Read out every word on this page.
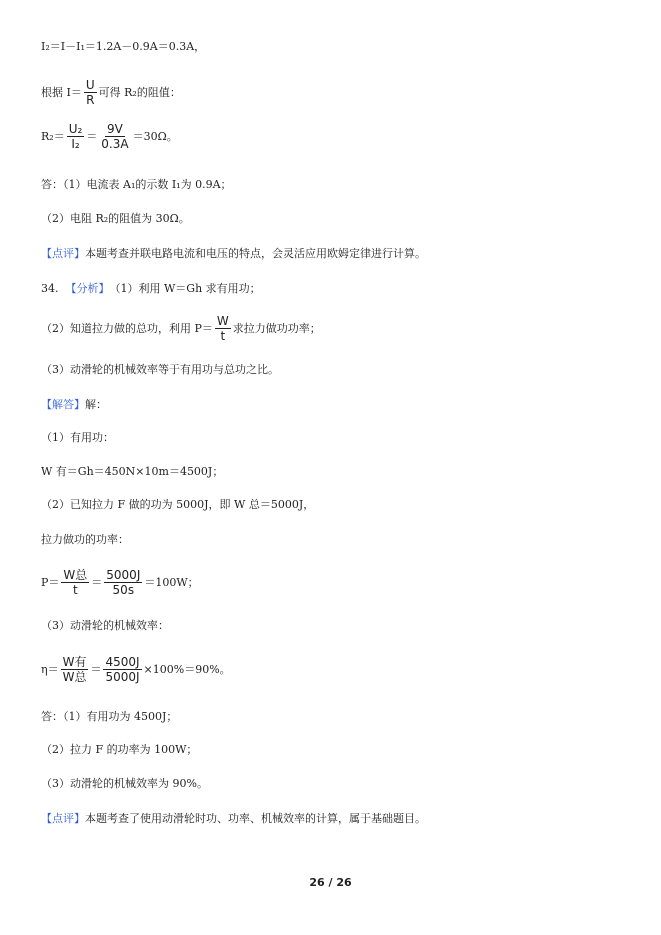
I₂＝I－I₁＝1.2A－0.9A＝0.3A，
根据 $I= \frac{U}{R}$ 可得 R₂的阻值：
$R_2= \frac{\text{U₂}}{\text{I₂}} = \frac{9V}{0.3A} =30\Omega$。
答：（1）电流表 A₁的示数 I₁为 0.9A；
（2）电阻 R₂的阻值为 30Ω。
【点评】 本题考查并联电路电流和电压的特点，会灵活应用欧姆定律进行计算。
34.
【分析】 （1）利用 W＝Gh 求有用功；
（2）知道拉力做的总功，利用 $P= \frac{W}{t}$ 求拉力做功功率；
（3）动滑轮的机械效率等于有用功与总功之比。
【解答】 解：
（1）有用功：
W 有＝Gh＝450N×10m＝4500J；
（2）已知拉力 F 做的功为 5000J，即 W 总＝5000J，
拉力做功的功率：
$P= \frac{\text{W总}}{t} = \frac{5000J}{50s} =100W$；
（3）动滑轮的机械效率：
$\eta= \frac{\text{W有}}{\text{W总}} = \frac{4500J}{5000J} \times 100\%=90\%$。
答：（1）有用功为 4500J；
（2）拉力 F 的功率为 100W；
（3）动滑轮的机械效率为 90%。
【点评】 本题考查了使用动滑轮时功、功率、机械效率的计算，属于基础题目。
26 / 26
